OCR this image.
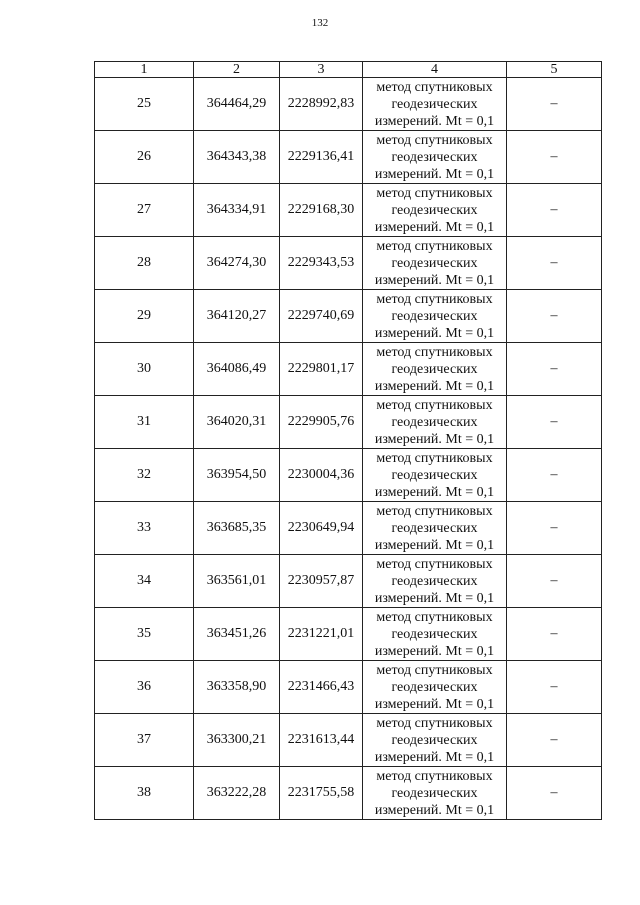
132
1	2	3	4	5
25	364464,29	2228992,83	метод спутниковых
геодезических
измерений. Mt = 0,1	–
26	364343,38	2229136,41	метод спутниковых
геодезических
измерений. Mt = 0,1	–
27	364334,91	2229168,30	метод спутниковых
геодезических
измерений. Mt = 0,1	–
28	364274,30	2229343,53	метод спутниковых
геодезических
измерений. Mt = 0,1	–
29	364120,27	2229740,69	метод спутниковых
геодезических
измерений. Mt = 0,1	–
30	364086,49	2229801,17	метод спутниковых
геодезических
измерений. Mt = 0,1	–
31	364020,31	2229905,76	метод спутниковых
геодезических
измерений. Mt = 0,1	–
32	363954,50	2230004,36	метод спутниковых
геодезических
измерений. Mt = 0,1	–
33	363685,35	2230649,94	метод спутниковых
геодезических
измерений. Mt = 0,1	–
34	363561,01	2230957,87	метод спутниковых
геодезических
измерений. Mt = 0,1	–
35	363451,26	2231221,01	метод спутниковых
геодезических
измерений. Mt = 0,1	–
36	363358,90	2231466,43	метод спутниковых
геодезических
измерений. Mt = 0,1	–
37	363300,21	2231613,44	метод спутниковых
геодезических
измерений. Mt = 0,1	–
38	363222,28	2231755,58	метод спутниковых
геодезических
измерений. Mt = 0,1	–
